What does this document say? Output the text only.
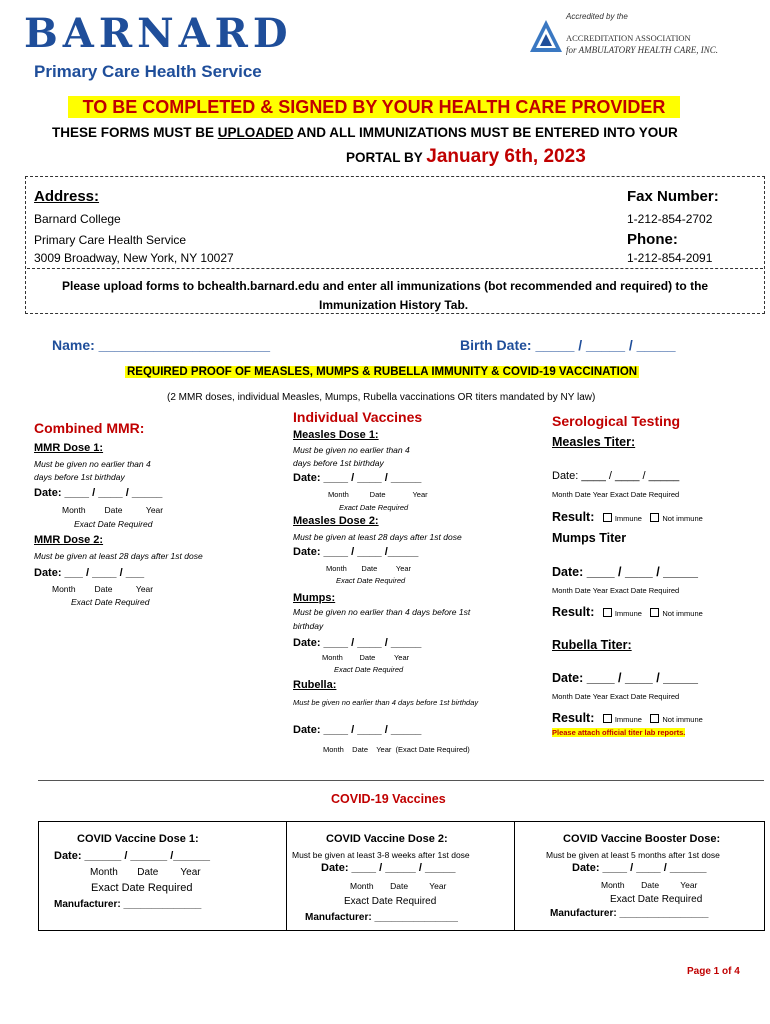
BARNARD
Primary Care Health Service
Accredited by the
ACCREDITATION ASSOCIATION
for AMBULATORY HEALTH CARE, INC.
TO BE COMPLETED & SIGNED BY YOUR HEALTH CARE PROVIDER
THESE FORMS MUST BE UPLOADED AND ALL IMMUNIZATIONS MUST BE ENTERED INTO YOUR
PORTAL BY January 6th, 2023
Address:
Barnard College
Primary Care Health Service
3009 Broadway, New York, NY 10027
Fax Number:
1-212-854-2702
Phone:
1-212-854-2091
Please upload forms to bchealth.barnard.edu and enter all immunizations (bot recommended and required) to the
Immunization History Tab.
Name: ______________________	Birth Date: _____ / _____ / _____
REQUIRED PROOF OF MEASLES, MUMPS & RUBELLA IMMUNITY & COVID-19 VACCINATION
(2 MMR doses, individual Measles, Mumps, Rubella vaccinations OR titers mandated by NY law)
Combined MMR:
MMR Dose 1:
Must be given no earlier than 4
days before 1st birthday
Date: ____ / ____ / _____
Month        Date          Year
Exact Date Required
MMR Dose 2:
Must be given at least 28 days after 1st dose
Date: ___ / ____ / ___
Month        Date          Year
Exact Date Required
Individual Vaccines
Measles Dose 1:
Must be given no earlier than 4
days before 1st birthday
Date: ____ / ____ / _____
Month          Date             Year
Exact Date Required
Measles Dose 2:
Must be given at least 28 days after 1st dose
Date: ____ / ____ /_____
Month       Date         Year
Exact Date Required
Mumps:
Must be given no earlier than 4 days before 1st
birthday
Date: ____ / ____ / _____
Month        Date         Year
Exact Date Required
Rubella:
Must be given no earlier than 4 days before 1st birthday
Date: ____ / ____ / _____
Month    Date    Year  (Exact Date Required)
Serological Testing
Measles Titer:
Date: ____ / ____ / _____
Month Date Year Exact Date Required
Result:	Immune	Not immune
Mumps Titer
Date: ____ / ____ / _____
Month Date Year Exact Date Required
Result:	Immune	Not immune
Rubella Titer:
Date: ____ / ____ / _____
Month Date Year Exact Date Required
Result:	Immune	Not immune
Please attach official titer lab reports.
COVID-19 Vaccines
COVID Vaccine Dose 1:
Date: ______ / ______ /______
Month       Date        Year
Exact Date Required
Manufacturer: ______________
COVID Vaccine Dose 2:
Must be given at least 3-8 weeks after 1st dose
Date: ____ / _____ / _____
Month       Date         Year
Exact Date Required
Manufacturer: _______________
COVID Vaccine Booster Dose:
Must be given at least 5 months after 1st dose
Date: ____ / ____ / ______
Month       Date         Year
Exact Date Required
Manufacturer: ________________
Page 1 of 4
